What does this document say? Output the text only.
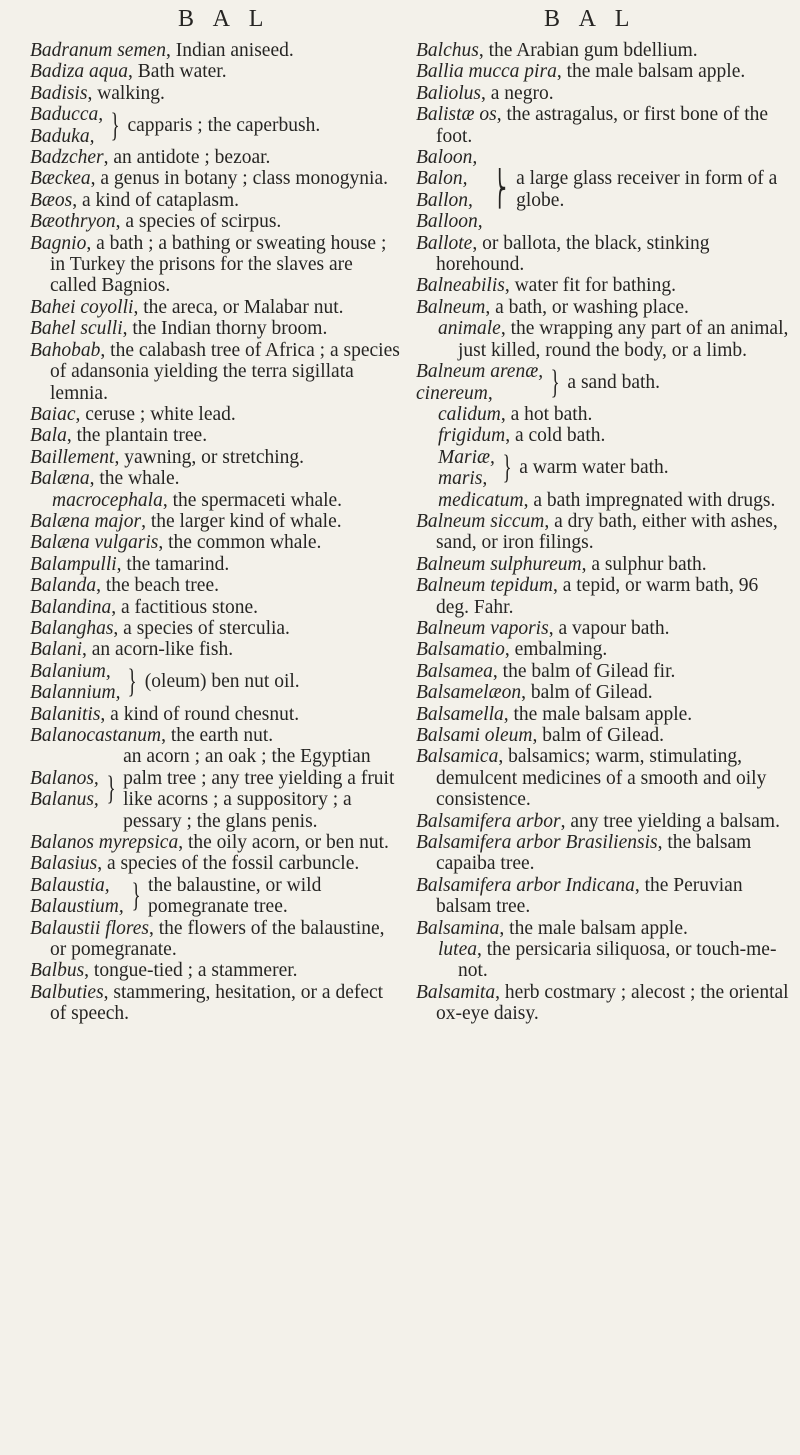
B A L	B A L

Badranum semen, Indian aniseed.

Badiza aqua, Bath water.

Badisis, walking.

Baducca,
Baduka, } capparis ; the caperbush.

Badzcher, an antidote ; bezoar.

Bæckea, a genus in botany ; class monogynia.

Bæos, a kind of cataplasm.

Bæothryon, a species of scirpus.

Bagnio, a bath ; a bathing or sweating house ; in Turkey the prisons for the slaves are called Bagnios.

Bahei coyolli, the areca, or Malabar nut.

Bahel sculli, the Indian thorny broom.

Bahobab, the calabash tree of Africa ; a species of adansonia yielding the terra sigillata lemnia.

Baiac, ceruse ; white lead.

Bala, the plantain tree.

Baillement, yawning, or stretching.

Balæna, the whale.

macrocephala, the spermaceti whale.

Balæna major, the larger kind of whale.

Balæna vulgaris, the common whale.

Balampulli, the tamarind.

Balanda, the beach tree.

Balandina, a factitious stone.

Balanghas, a species of sterculia.

Balani, an acorn-like fish.

Balanium,
Balannium, } (oleum) ben nut oil.

Balanitis, a kind of round chesnut.

Balanocastanum, the earth nut.

Balanos,
Balanus, }
an acorn ; an oak ; the Egyptian palm tree ; any tree yielding a fruit like acorns ; a suppository ; a pessary ; the glans penis.

Balanos myrepsica, the oily acorn, or ben nut.

Balasius, a species of the fossil carbuncle.

Balaustia,
Balaustium, } the balaustine, or wild pomegranate tree.

Balaustii flores, the flowers of the balaustine, or pomegranate.

Balbus, tongue-tied ; a stammerer.

Balbuties, stammering, hesitation, or a defect of speech.

Balchus, the Arabian gum bdellium.

Ballia mucca pira, the male balsam apple.

Baliolus, a negro.

Balistæ os, the astragalus, or first bone of the foot.

Baloon,
Balon,
Ballon,
Balloon,
⎬ a large glass receiver in form of a globe.

Ballote, or ballota, the black, stinking horehound.

Balneabilis, water fit for bathing.

Balneum, a bath, or washing place.

animale, the wrapping any part of an animal, just killed, round the body, or a limb.

Balneum arenæ,
cinereum,	} a sand bath.

calidum, a hot bath.

frigidum, a cold bath.

Mariæ,
maris, } a warm water bath.

medicatum, a bath impregnated with drugs.

Balneum siccum, a dry bath, either with ashes, sand, or iron filings.

Balneum sulphureum, a sulphur bath.

Balneum tepidum, a tepid, or warm bath, 96 deg. Fahr.

Balneum vaporis, a vapour bath.

Balsamatio, embalming.

Balsamea, the balm of Gilead fir.

Balsamelæon, balm of Gilead.

Balsamella, the male balsam apple.

Balsami oleum, balm of Gilead.

Balsamica, balsamics; warm, stimulating, demulcent medicines of a smooth and oily consistence.

Balsamifera arbor, any tree yielding a balsam.

Balsamifera arbor Brasiliensis, the balsam capaiba tree.

Balsamifera arbor Indicana, the Peruvian balsam tree.

Balsamina, the male balsam apple.

lutea, the persicaria siliquosa, or touch-me-not.

Balsamita, herb costmary ; alecost ; the oriental ox-eye daisy.
